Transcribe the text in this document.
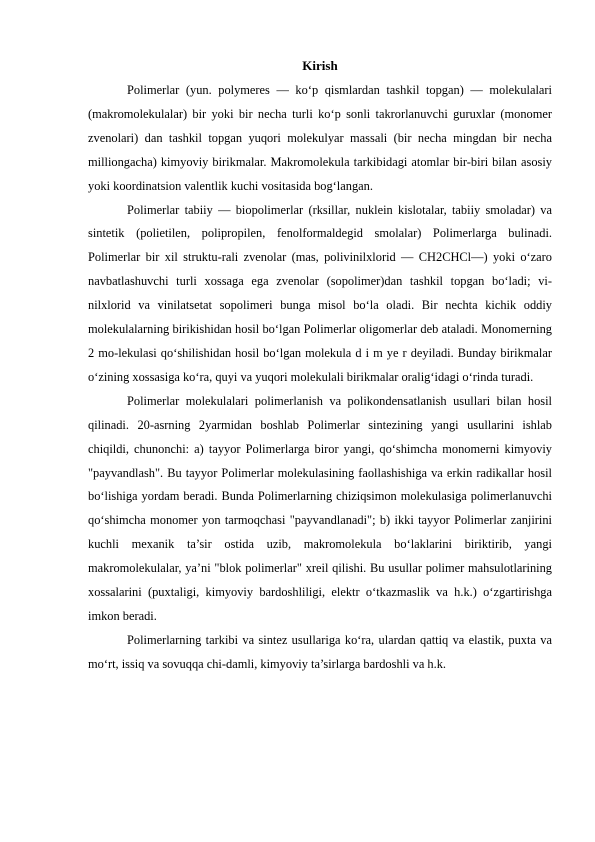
Kirish

Polimerlar (yun. polymeres — ko‘p qismlardan tashkil topgan) — molekulalari (makromolekulalar) bir yoki bir necha turli ko‘p sonli takrorlanuvchi guruxlar (monomer zvenolari) dan tashkil topgan yuqori molekulyar massali (bir necha mingdan bir necha milliongacha) kimyoviy birikmalar. Makromolekula tarkibidagi atomlar bir-biri bilan asosiy yoki koordinatsion valentlik kuchi vositasida bog‘langan.

Polimerlar tabiiy — biopolimerlar (rksillar, nuklein kislotalar, tabiiy smoladar) va sintetik (polietilen, polipropilen, fenolformaldegid smolalar) Polimerlarga bulinadi. Polimerlar bir xil struktu-rali zvenolar (mas, polivinilxlorid — CH2CHCl—) yoki o‘zaro navbatlashuvchi turli xossaga ega zvenolar (sopolimer)dan tashkil topgan bo‘ladi; vi-nilxlorid va vinilatsetat sopolimeri bunga misol bo‘la oladi. Bir nechta kichik oddiy molekulalarning birikishidan hosil bo‘lgan Polimerlar oligomerlar deb ataladi. Monomerning 2 mo-lekulasi qo‘shilishidan hosil bo‘lgan molekula d i m ye r deyiladi. Bunday birikmalar o‘zining xossasiga ko‘ra, quyi va yuqori molekulali birikmalar oralig‘idagi o‘rinda turadi.

Polimerlar molekulalari polimerlanish va polikondensatlanish usullari bilan hosil qilinadi. 20-asrning 2yarmidan boshlab Polimerlar sintezining yangi usullarini ishlab chiqildi, chunonchi: a) tayyor Polimerlarga biror yangi, qo‘shimcha monomerni kimyoviy "payvandlash". Bu tayyor Polimerlar molekulasining faollashishiga va erkin radikallar hosil bo‘lishiga yordam beradi. Bunda Polimerlarning chiziqsimon molekulasiga polimerlanuvchi qo‘shimcha monomer yon tarmoqchasi "payvandlanadi"; b) ikki tayyor Polimerlar zanjirini kuchli mexanik ta’sir ostida uzib, makromolekula bo‘laklarini biriktirib, yangi makromolekulalar, ya’ni "blok polimerlar" xreil qilishi. Bu usullar polimer mahsulotlarining xossalarini (puxtaligi, kimyoviy bardoshliligi, elektr o‘tkazmaslik va h.k.) o‘zgartirishga imkon beradi.

Polimerlarning tarkibi va sintez usullariga ko‘ra, ulardan qattiq va elastik, puxta va mo‘rt, issiq va sovuqqa chi-damli, kimyoviy ta’sirlarga bardoshli va h.k.
